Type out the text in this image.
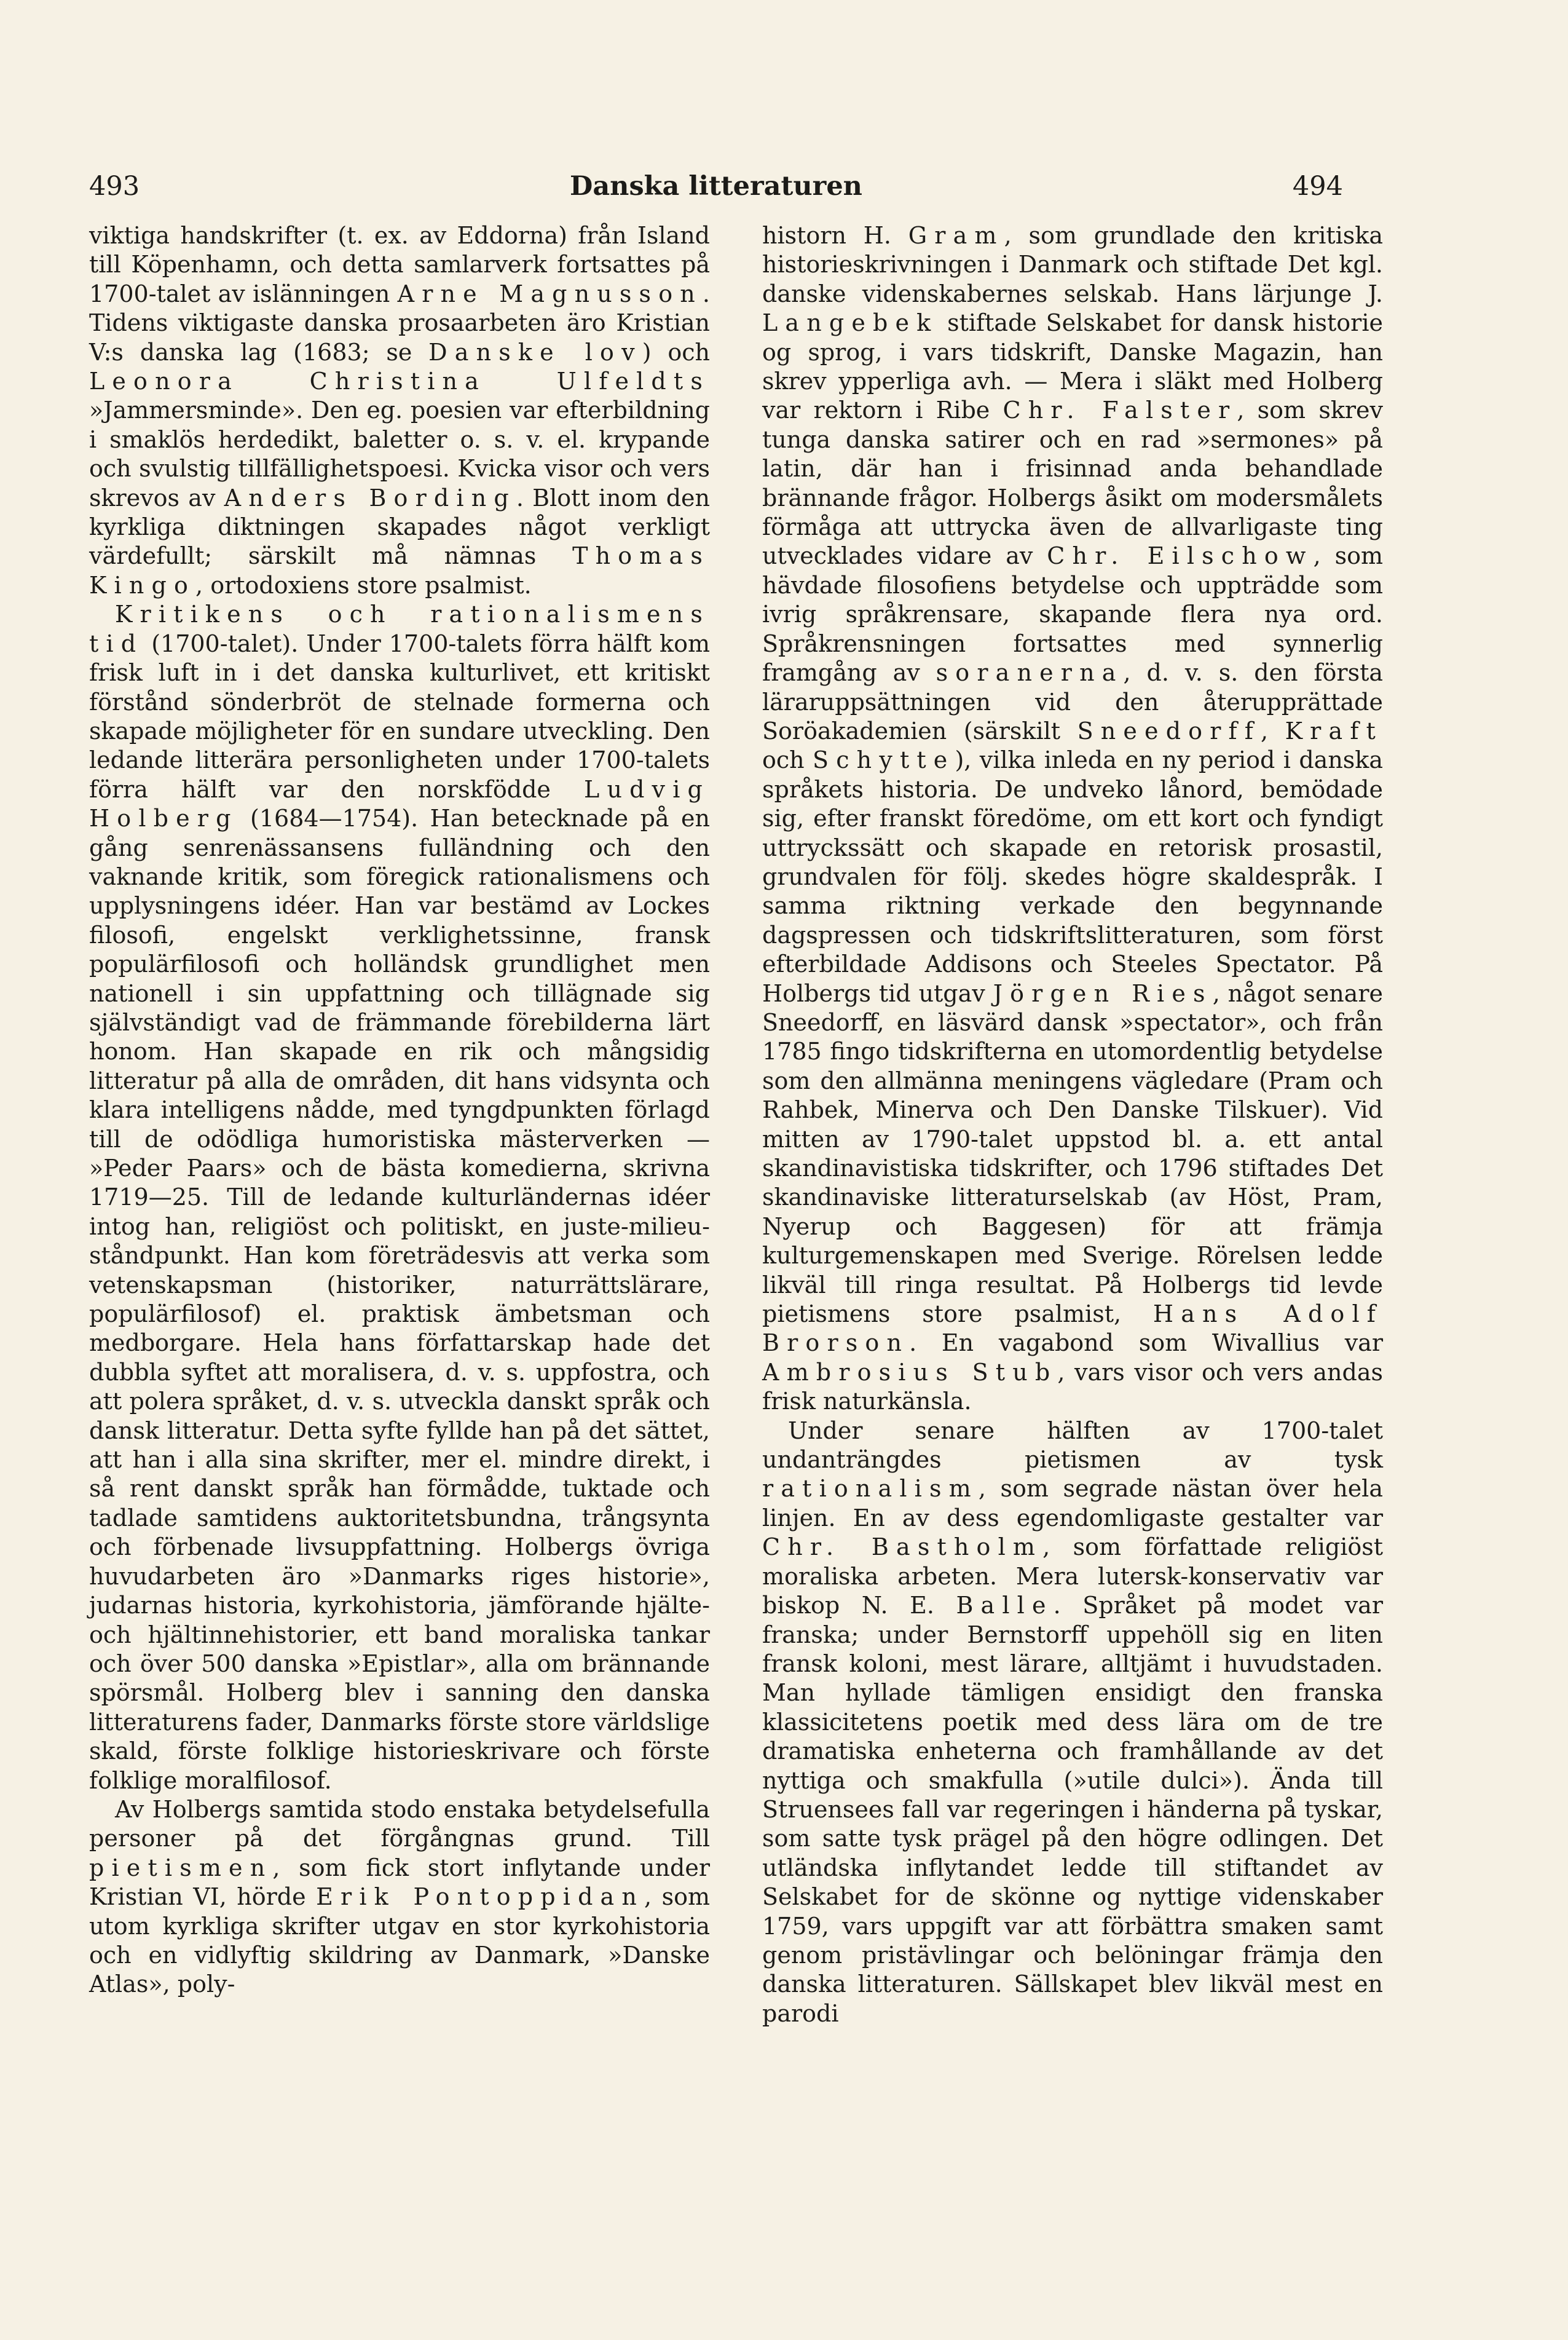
493	Danska litteraturen	494

viktiga handskrifter (t. ex. av Eddorna) från Island till Köpenhamn, och detta samlarverk fortsattes på 1700-talet av islänningen Arne Magnusson. Tidens viktigaste danska prosaarbeten äro Kristian V:s danska lag (1683; se Danske lov) och Leonora Christina Ulfeldts »Jammersminde». Den eg. poesien var efterbildning i smaklös herdedikt, baletter o. s. v. el. krypande och svulstig tillfällighetspoesi. Kvicka visor och vers skrevos av Anders Bording. Blott inom den kyrkliga diktningen skapades något verkligt värdefullt; särskilt må nämnas Thomas Kingo, ortodoxiens store psalmist.

Kritikens och rationalismens tid (1700-talet). Under 1700-talets förra hälft kom frisk luft in i det danska kulturlivet, ett kritiskt förstånd sönderbröt de stelnade formerna och skapade möjligheter för en sundare utveckling. Den ledande litterära personligheten under 1700-talets förra hälft var den norskfödde Ludvig Holberg (1684—1754). Han betecknade på en gång senrenässansens fulländning och den vaknande kritik, som föregick rationalismens och upplysningens idéer. Han var bestämd av Lockes filosofi, engelskt verklighetssinne, fransk populärfilosofi och holländsk grundlighet men nationell i sin uppfattning och tillägnade sig självständigt vad de främmande förebilderna lärt honom. Han skapade en rik och mångsidig litteratur på alla de områden, dit hans vidsynta och klara intelligens nådde, med tyngdpunkten förlagd till de odödliga humoristiska mästerverken — »Peder Paars» och de bästa komedierna, skrivna 1719—25. Till de ledande kulturländernas idéer intog han, religiöst och politiskt, en juste-milieu-ståndpunkt. Han kom företrädesvis att verka som vetenskapsman (historiker, naturrättslärare, populärfilosof) el. praktisk ämbetsman och medborgare. Hela hans författarskap hade det dubbla syftet att moralisera, d. v. s. uppfostra, och att polera språket, d. v. s. utveckla danskt språk och dansk litteratur. Detta syfte fyllde han på det sättet, att han i alla sina skrifter, mer el. mindre direkt, i så rent danskt språk han förmådde, tuktade och tadlade samtidens auktoritetsbundna, trångsynta och förbenade livsuppfattning. Holbergs övriga huvudarbeten äro »Danmarks riges historie», judarnas historia, kyrkohistoria, jämförande hjälte- och hjältinnehistorier, ett band moraliska tankar och över 500 danska »Epistlar», alla om brännande spörsmål. Holberg blev i sanning den danska litteraturens fader, Danmarks förste store världslige skald, förste folklige historieskrivare och förste folklige moralfilosof.

Av Holbergs samtida stodo enstaka betydelsefulla personer på det förgångnas grund. Till pietismen, som fick stort inflytande under Kristian VI, hörde Erik Pontoppidan, som utom kyrkliga skrifter utgav en stor kyrkohistoria och en vidlyftig skildring av Danmark, »Danske Atlas», poly-

historn H. Gram, som grundlade den kritiska historieskrivningen i Danmark och stiftade Det kgl. danske videnskabernes selskab. Hans lärjunge J. Langebek stiftade Selskabet for dansk historie og sprog, i vars tidskrift, Danske Magazin, han skrev ypperliga avh. — Mera i släkt med Holberg var rektorn i Ribe Chr. Falster, som skrev tunga danska satirer och en rad »sermones» på latin, där han i frisinnad anda behandlade brännande frågor. Holbergs åsikt om modersmålets förmåga att uttrycka även de allvarligaste ting utvecklades vidare av Chr. Eilschow, som hävdade filosofiens betydelse och uppträdde som ivrig språkrensare, skapande flera nya ord. Språkrensningen fortsattes med synnerlig framgång av soranerna, d. v. s. den första läraruppsättningen vid den återupprättade Soröakademien (särskilt Sneedorff, Kraft och Schytte), vilka inleda en ny period i danska språkets historia. De undveko lånord, bemödade sig, efter franskt föredöme, om ett kort och fyndigt uttryckssätt och skapade en retorisk prosastil, grundvalen för följ. skedes högre skaldespråk. I samma riktning verkade den begynnande dagspressen och tidskriftslitteraturen, som först efterbildade Addisons och Steeles Spectator. På Holbergs tid utgav Jörgen Ries, något senare Sneedorff, en läsvärd dansk »spectator», och från 1785 fingo tidskrifterna en utomordentlig betydelse som den allmänna meningens vägledare (Pram och Rahbek, Minerva och Den Danske Tilskuer). Vid mitten av 1790-talet uppstod bl. a. ett antal skandinavistiska tidskrifter, och 1796 stiftades Det skandinaviske litteraturselskab (av Höst, Pram, Nyerup och Baggesen) för att främja kulturgemenskapen med Sverige. Rörelsen ledde likväl till ringa resultat. På Holbergs tid levde pietismens store psalmist, Hans Adolf Brorson. En vagabond som Wivallius var Ambrosius Stub, vars visor och vers andas frisk naturkänsla.

Under senare hälften av 1700-talet undanträngdes pietismen av tysk rationalism, som segrade nästan över hela linjen. En av dess egendomligaste gestalter var Chr. Bastholm, som författade religiöst moraliska arbeten. Mera lutersk-konservativ var biskop N. E. Balle. Språket på modet var franska; under Bernstorff uppehöll sig en liten fransk koloni, mest lärare, alltjämt i huvudstaden. Man hyllade tämligen ensidigt den franska klassicitetens poetik med dess lära om de tre dramatiska enheterna och framhållande av det nyttiga och smakfulla (»utile dulci»). Ända till Struensees fall var regeringen i händerna på tyskar, som satte tysk prägel på den högre odlingen. Det utländska inflytandet ledde till stiftandet av Selskabet for de skönne og nyttige videnskaber 1759, vars uppgift var att förbättra smaken samt genom pristävlingar och belöningar främja den danska litteraturen. Sällskapet blev likväl mest en parodi
